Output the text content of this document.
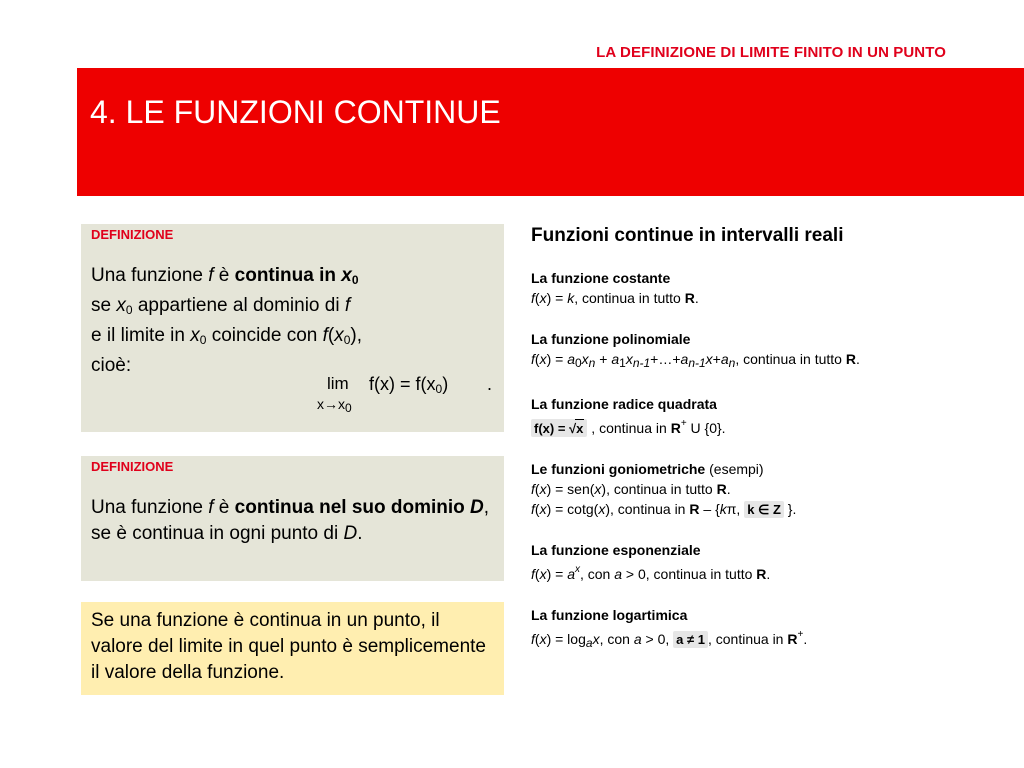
LA DEFINIZIONE DI LIMITE FINITO IN UN PUNTO
4. LE FUNZIONI CONTINUE
DEFINIZIONE
Una funzione f è continua in x0
se $x_0$ appartiene al dominio di f
e il limite in $x_0$ coincide con $f(x_0)$,
cioè:
$\lim f(x) = f(x_0)$ .
x→x0
DEFINIZIONE
Una funzione f è continua nel suo dominio D, se è continua in ogni punto di D.
Se una funzione è continua in un punto, il valore del limite in quel punto è semplicemente il valore della funzione.
Funzioni continue in intervalli reali
La funzione costante
f(x) = k, continua in tutto R.
La funzione polinomiale
f(x) = a0xn + a1xn-1+…+an-1x+an, continua in tutto R.
La funzione radice quadrata
f(x) = √x , continua in R+ U {0}.
Le funzioni goniometriche (esempi)
f(x) = sen(x), continua in tutto R.
f(x) = cotg(x), continua in R – {kπ, k ∈ Z }.
La funzione esponenziale
$f(x) = a^x$, con a > 0, continua in tutto R.
La funzione logartimica
f(x) = logax, con a > 0, a ≠ 1 , continua in R+.
